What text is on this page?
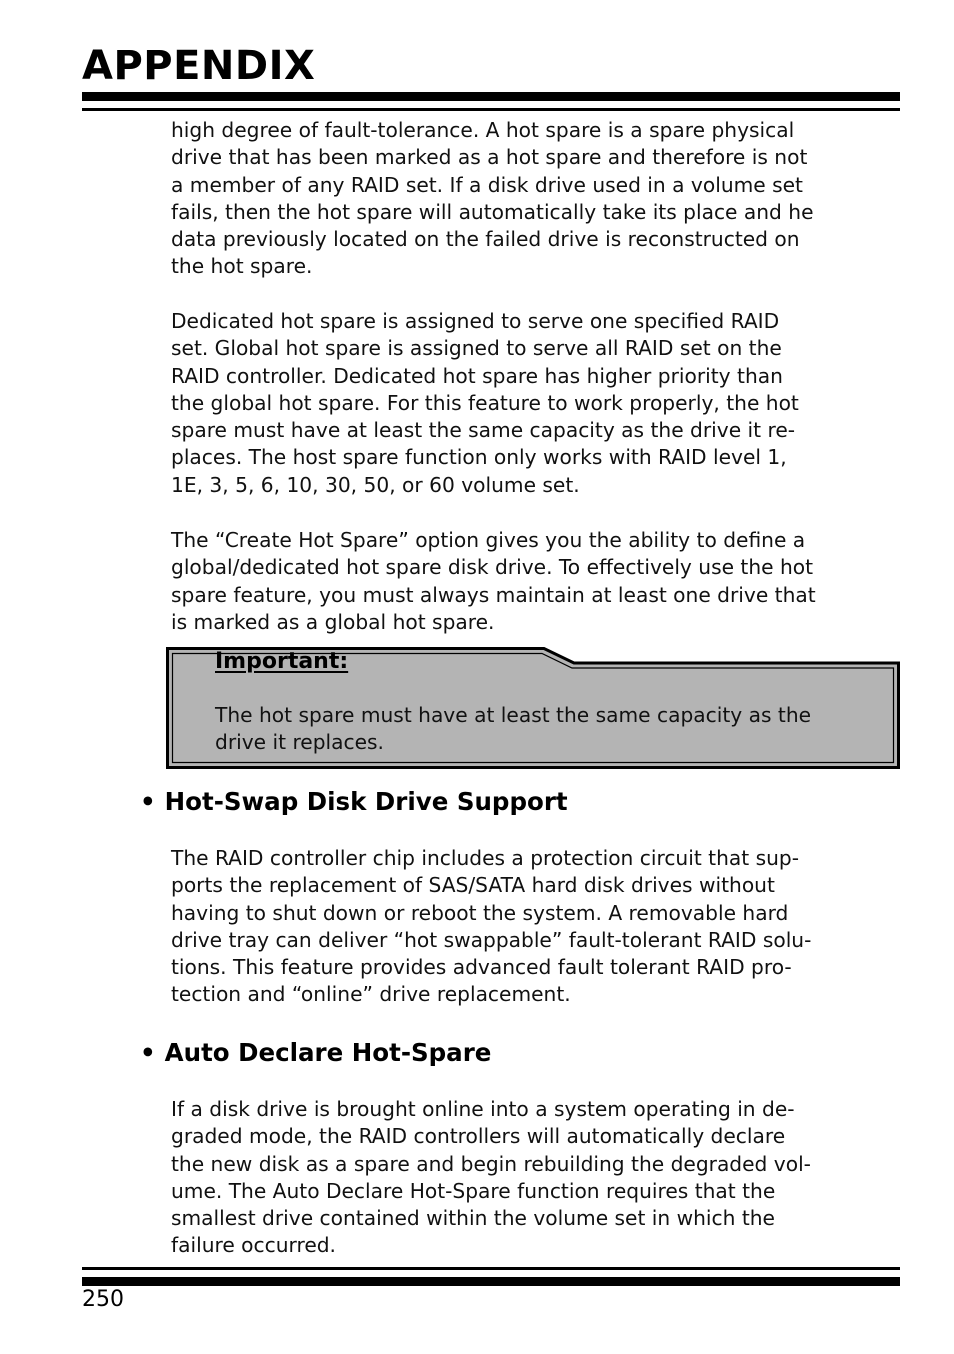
APPENDIX

high degree of fault-tolerance. A hot spare is a spare physical
drive that has been marked as a hot spare and therefore is not
a member of any RAID set. If a disk drive used in a volume set
fails, then the hot spare will automatically take its place and he
data previously located on the failed drive is reconstructed on
the hot spare.

Dedicated hot spare is assigned to serve one specified RAID
set. Global hot spare is assigned to serve all RAID set on the
RAID controller. Dedicated hot spare has higher priority than
the global hot spare. For this feature to work properly, the hot
spare must have at least the same capacity as the drive it re-
places. The host spare function only works with RAID level 1,
1E, 3, 5, 6, 10, 30, 50, or 60 volume set.

The “Create Hot Spare” option gives you the ability to define a
global/dedicated hot spare disk drive. To effectively use the hot
spare feature, you must always maintain at least one drive that
is marked as a global hot spare.

Important:

The hot spare must have at least the same capacity as the
drive it replaces.

• Hot-Swap Disk Drive Support

The RAID controller chip includes a protection circuit that sup-
ports the replacement of SAS/SATA hard disk drives without
having to shut down or reboot the system. A removable hard
drive tray can deliver “hot swappable” fault-tolerant RAID solu-
tions. This feature provides advanced fault tolerant RAID pro-
tection and “online” drive replacement.

• Auto Declare Hot-Spare

If a disk drive is brought online into a system operating in de-
graded mode, the RAID controllers will automatically declare
the new disk as a spare and begin rebuilding the degraded vol-
ume. The Auto Declare Hot-Spare function requires that the
smallest drive contained within the volume set in which the
failure occurred.

250
